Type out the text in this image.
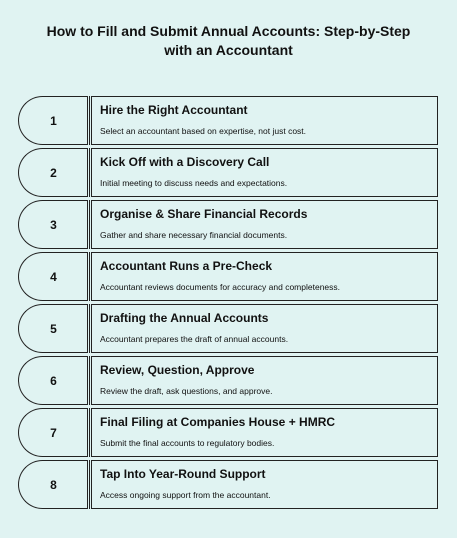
How to Fill and Submit Annual Accounts: Step-by-Step with an Accountant
1
Hire the Right Accountant
Select an accountant based on expertise, not just cost.
2
Kick Off with a Discovery Call
Initial meeting to discuss needs and expectations.
3
Organise & Share Financial Records
Gather and share necessary financial documents.
4
Accountant Runs a Pre-Check
Accountant reviews documents for accuracy and completeness.
5
Drafting the Annual Accounts
Accountant prepares the draft of annual accounts.
6
Review, Question, Approve
Review the draft, ask questions, and approve.
7
Final Filing at Companies House + HMRC
Submit the final accounts to regulatory bodies.
8
Tap Into Year-Round Support
Access ongoing support from the accountant.
